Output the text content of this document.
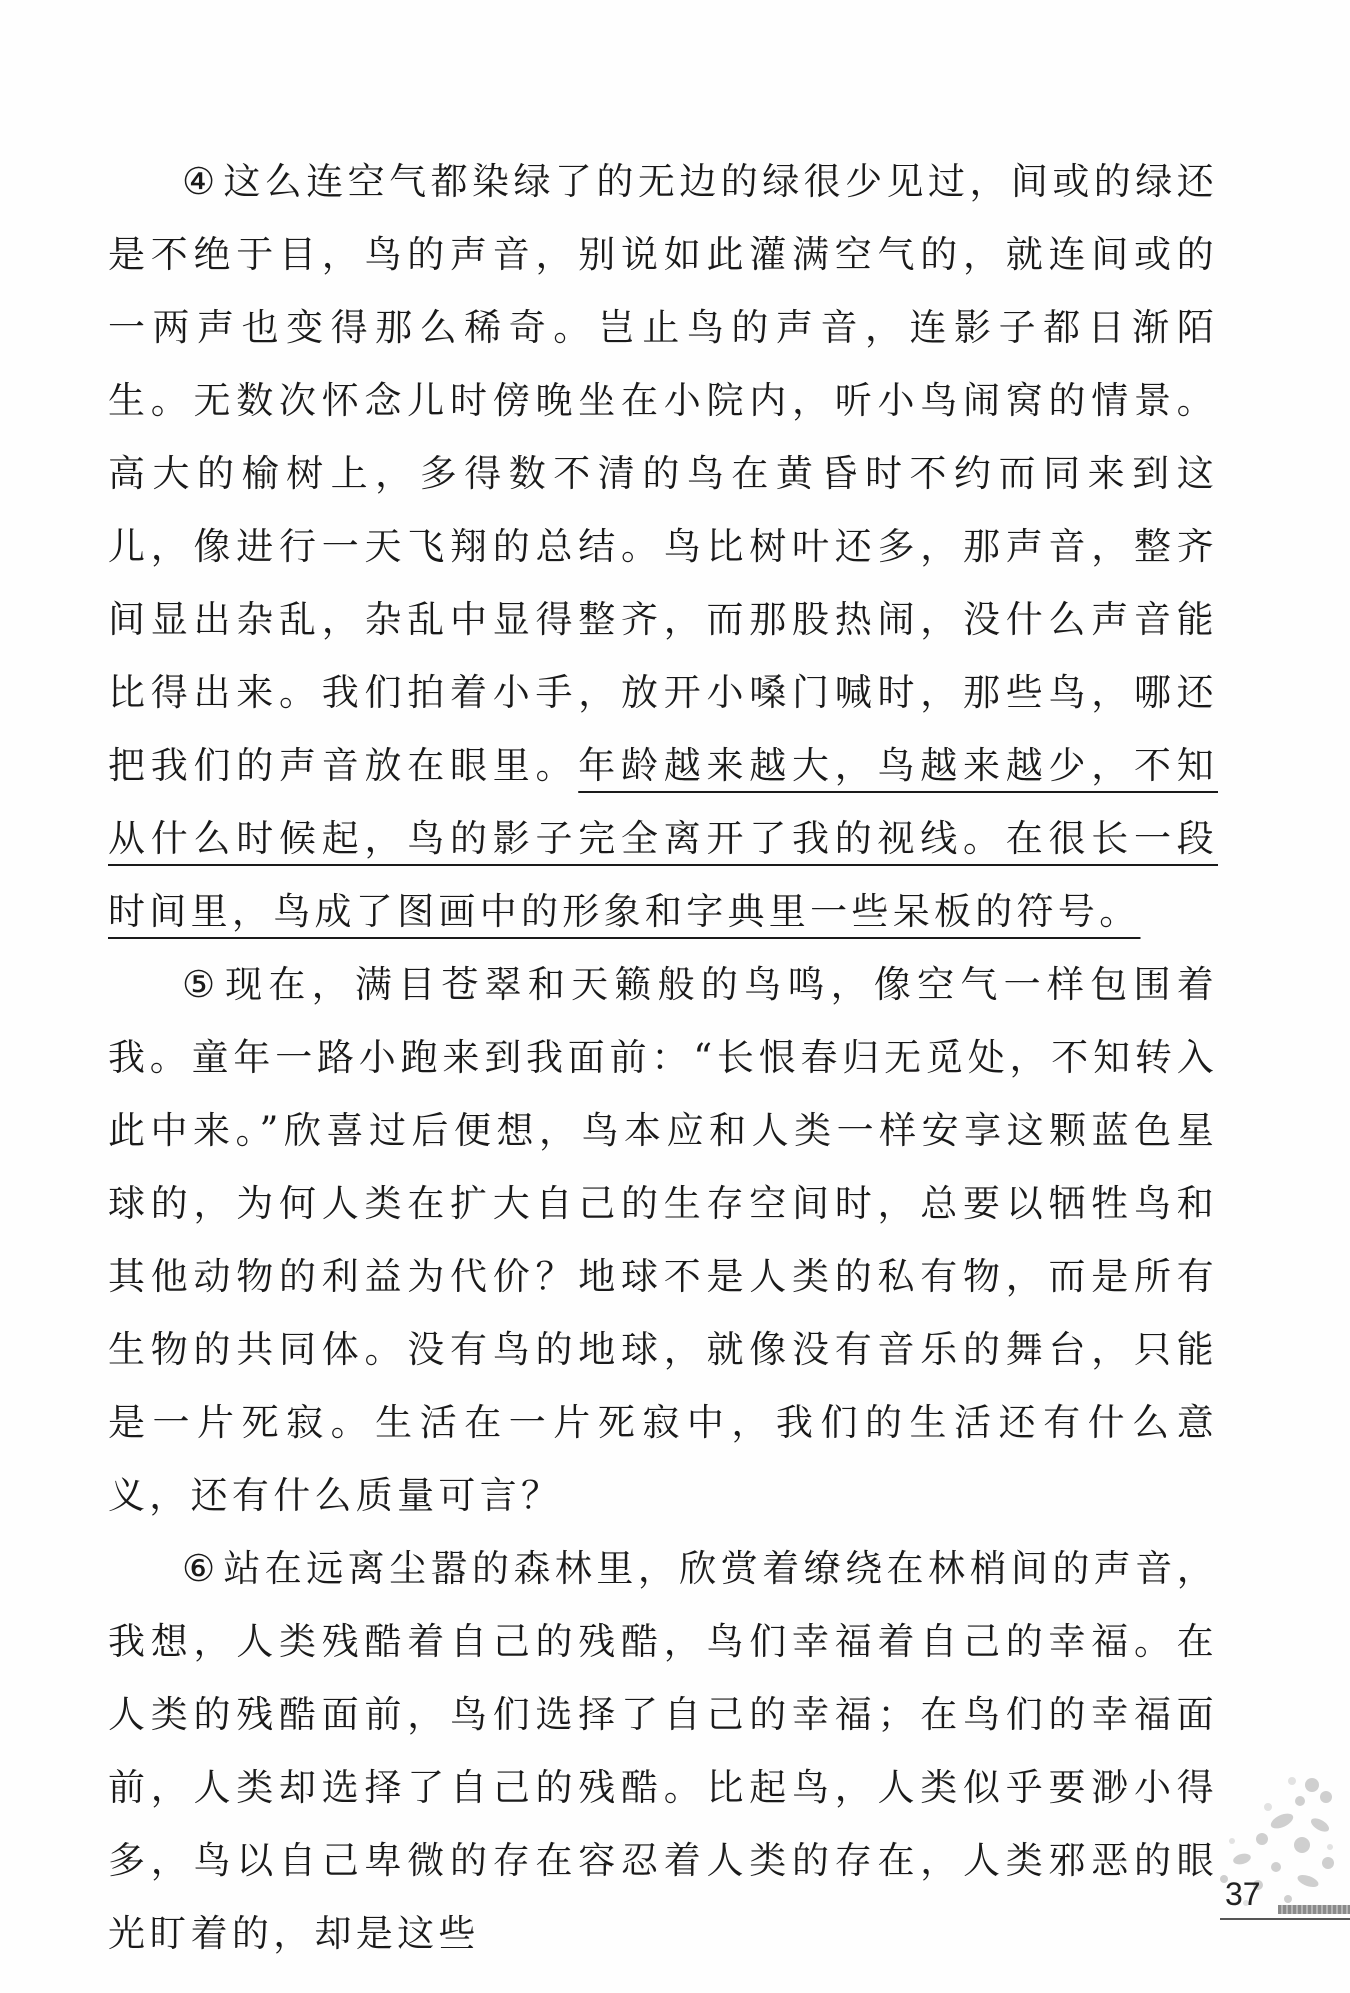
④ 这么连空气都染绿了的无边的绿很少见过，间或的绿还是不绝于目，鸟的声音，别说如此灌满空气的，就连间或的一两声也变得那么稀奇。岂止鸟的声音，连影子都日渐陌生。无数次怀念儿时傍晚坐在小院内，听小鸟闹窝的情景。高大的榆树上，多得数不清的鸟在黄昏时不约而同来到这儿，像进行一天飞翔的总结。鸟比树叶还多，那声音，整齐间显出杂乱，杂乱中显得整齐，而那股热闹，没什么声音能比得出来。我们拍着小手，放开小嗓门喊时，那些鸟，哪还把我们的声音放在眼里。年龄越来越大，鸟越来越少，不知从什么时候起，鸟的影子完全离开了我的视线。在很长一段时间里，鸟成了图画中的形象和字典里一些呆板的符号。

⑤ 现在，满目苍翠和天籁般的鸟鸣，像空气一样包围着我。童年一路小跑来到我面前：“长恨春归无觅处，不知转入此中来。”欣喜过后便想，鸟本应和人类一样安享这颗蓝色星球的，为何人类在扩大自己的生存空间时，总要以牺牲鸟和其他动物的利益为代价？地球不是人类的私有物，而是所有生物的共同体。没有鸟的地球，就像没有音乐的舞台，只能是一片死寂。生活在一片死寂中，我们的生活还有什么意义，还有什么质量可言？

⑥ 站在远离尘嚣的森林里，欣赏着缭绕在林梢间的声音，我想，人类残酷着自己的残酷，鸟们幸福着自己的幸福。在人类的残酷面前，鸟们选择了自己的幸福；在鸟们的幸福面前，人类却选择了自己的残酷。比起鸟，人类似乎要渺小得多，鸟以自己卑微的存在容忍着人类的存在，人类邪恶的眼光盯着的，却是这些

37
